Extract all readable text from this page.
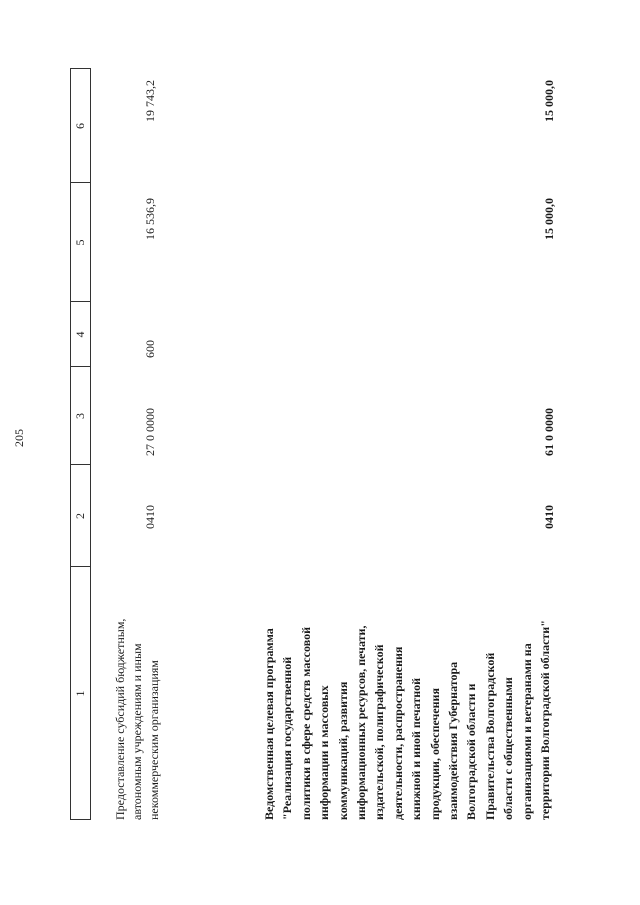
205
1
2
3
4
5
6
Предоставление субсидий бюджетным, автономным учреждениям и иным некоммерческим организациям
0410
27 0 0000
600
16 536,9
19 743,2
Ведомственная целевая программа "Реализация государственной политики в сфере средств массовой информации и массовых коммуникаций, развития информационных ресурсов, печати, издательской, полиграфической деятельности, распространения книжной и иной печатной продукции, обеспечения взаимодействия Губернатора Волгоградской области и Правительства Волгоградской области с общественными организациями и ветеранами на территории Волгоградской области"
0410
61 0 0000
15 000,0
15 000,0
